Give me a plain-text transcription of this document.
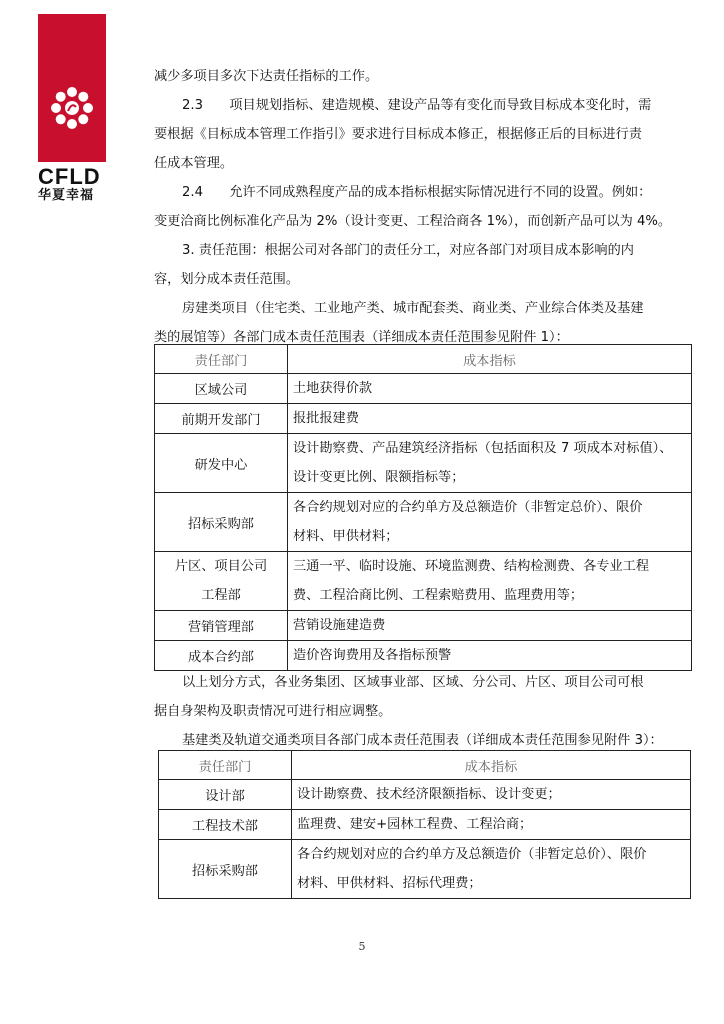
CFLD
华夏幸福

减少多项目多次下达责任指标的工作。

2.3　　项目规划指标、建造规模、建设产品等有变化而导致目标成本变化时，需

要根据《目标成本管理工作指引》要求进行目标成本修正，根据修正后的目标进行责

任成本管理。

2.4　　允许不同成熟程度产品的成本指标根据实际情况进行不同的设置。例如：

变更洽商比例标准化产品为 2%（设计变更、工程洽商各 1%），而创新产品可以为 4%。

3. 责任范围：根据公司对各部门的责任分工，对应各部门对项目成本影响的内

容，划分成本责任范围。

房建类项目（住宅类、工业地产类、城市配套类、商业类、产业综合体类及基建

类的展馆等）各部门成本责任范围表（详细成本责任范围参见附件 1）：

责任部门	成本指标
区域公司	土地获得价款
前期开发部门	报批报建费
研发中心	设计勘察费、产品建筑经济指标（包括面积及 7 项成本对标值）、
设计变更比例、限额指标等；
招标采购部	各合约规划对应的合约单方及总额造价（非暂定总价）、限价
材料、甲供材料；
片区、项目公司
工程部	三通一平、临时设施、环境监测费、结构检测费、各专业工程
费、工程洽商比例、工程索赔费用、监理费用等；
营销管理部	营销设施建造费
成本合约部	造价咨询费用及各指标预警

以上划分方式，各业务集团、区域事业部、区域、分公司、片区、项目公司可根

据自身架构及职责情况可进行相应调整。

基建类及轨道交通类项目各部门成本责任范围表（详细成本责任范围参见附件 3）：

责任部门	成本指标
设计部	设计勘察费、技术经济限额指标、设计变更；
工程技术部	监理费、建安+园林工程费、工程洽商；
招标采购部	各合约规划对应的合约单方及总额造价（非暂定总价）、限价
材料、甲供材料、招标代理费；
5
